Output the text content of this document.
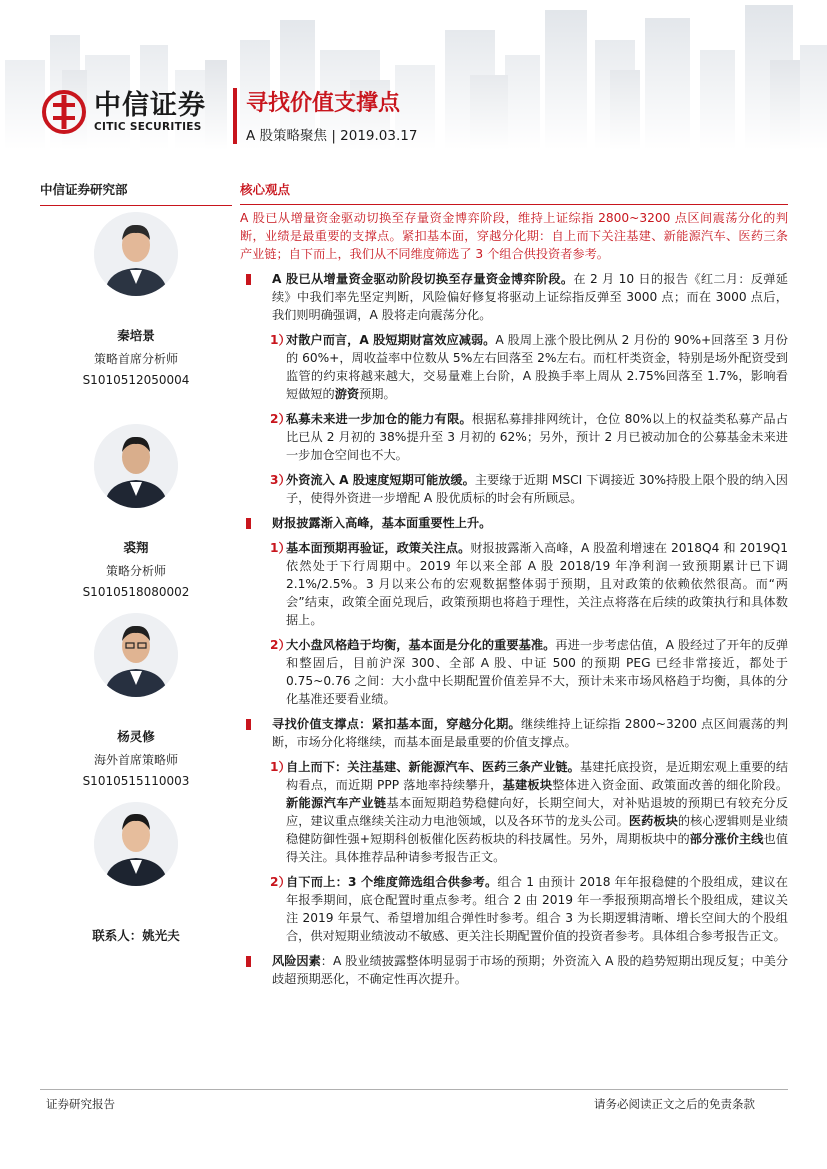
中信证券
CITIC SECURITIES
寻找价值支撑点
A 股策略聚焦 | 2019.03.17
中信证券研究部
秦培景
策略首席分析师
S1010512050004
裘翔
策略分析师
S1010518080002
杨灵修
海外首席策略师
S1010515110003
联系人：姚光夫
核心观点
A 股已从增量资金驱动切换至存量资金博弈阶段，维持上证综指 2800~3200 点区间震荡分化的判断，业绩是最重要的支撑点。紧扣基本面，穿越分化期：自上而下关注基建、新能源汽车、医药三条产业链；自下而上，我们从不同维度筛选了 3 个组合供投资者参考。
A 股已从增量资金驱动阶段切换至存量资金博弈阶段。在 2 月 10 日的报告《红二月：反弹延续》中我们率先坚定判断，风险偏好修复将驱动上证综指反弹至 3000 点；而在 3000 点后，我们则明确强调，A 股将走向震荡分化。
1）
对散户而言，A 股短期财富效应减弱。A 股周上涨个股比例从 2 月份的 90%+回落至 3 月份的 60%+，周收益率中位数从 5%左右回落至 2%左右。而杠杆类资金，特别是场外配资受到监管的约束将越来越大，交易量难上台阶，A 股换手率上周从 2.75%回落至 1.7%，影响看短做短的游资预期。
2）
私募未来进一步加仓的能力有限。根据私募排排网统计，仓位 80%以上的权益类私募产品占比已从 2 月初的 38%提升至 3 月初的 62%；另外，预计 2 月已被动加仓的公募基金未来进一步加仓空间也不大。
3）
外资流入 A 股速度短期可能放缓。主要缘于近期 MSCI 下调接近 30%持股上限个股的纳入因子，使得外资进一步增配 A 股优质标的时会有所顾忌。
财报披露渐入高峰，基本面重要性上升。
1）
基本面预期再验证，政策关注点。财报披露渐入高峰，A 股盈利增速在 2018Q4 和 2019Q1 依然处于下行周期中。2019 年以来全部 A 股 2018/19 年净利润一致预期累计已下调 2.1%/2.5%。3 月以来公布的宏观数据整体弱于预期，且对政策的依赖依然很高。而“两会”结束，政策全面兑现后，政策预期也将趋于理性，关注点将落在后续的政策执行和具体数据上。
2）
大小盘风格趋于均衡，基本面是分化的重要基准。再进一步考虑估值，A 股经过了开年的反弹和整固后，目前沪深 300、全部 A 股、中证 500 的预期 PEG 已经非常接近，都处于 0.75~0.76 之间：大小盘中长期配置价值差异不大，预计未来市场风格趋于均衡，具体的分化基准还要看业绩。
寻找价值支撑点：紧扣基本面，穿越分化期。继续维持上证综指 2800~3200 点区间震荡的判断，市场分化将继续，而基本面是最重要的价值支撑点。
1）
自上而下：关注基建、新能源汽车、医药三条产业链。基建托底投资，是近期宏观上重要的结构看点，而近期 PPP 落地率持续攀升，基建板块整体进入资金面、政策面改善的细化阶段。新能源汽车产业链基本面短期趋势稳健向好，长期空间大，对补贴退坡的预期已有较充分反应，建议重点继续关注动力电池领域，以及各环节的龙头公司。医药板块的核心逻辑则是业绩稳健防御性强+短期科创板催化医药板块的科技属性。另外，周期板块中的部分涨价主线也值得关注。具体推荐品种请参考报告正文。
2）
自下而上：3 个维度筛选组合供参考。组合 1 由预计 2018 年年报稳健的个股组成，建议在年报季期间，底仓配置时重点参考。组合 2 由 2019 年一季报预期高增长个股组成，建议关注 2019 年景气、希望增加组合弹性时参考。组合 3 为长期逻辑清晰、增长空间大的个股组合，供对短期业绩波动不敏感、更关注长期配置价值的投资者参考。具体组合参考报告正文。
风险因素：A 股业绩披露整体明显弱于市场的预期；外资流入 A 股的趋势短期出现反复；中美分歧超预期恶化，不确定性再次提升。
证券研究报告	请务必阅读正文之后的免责条款
